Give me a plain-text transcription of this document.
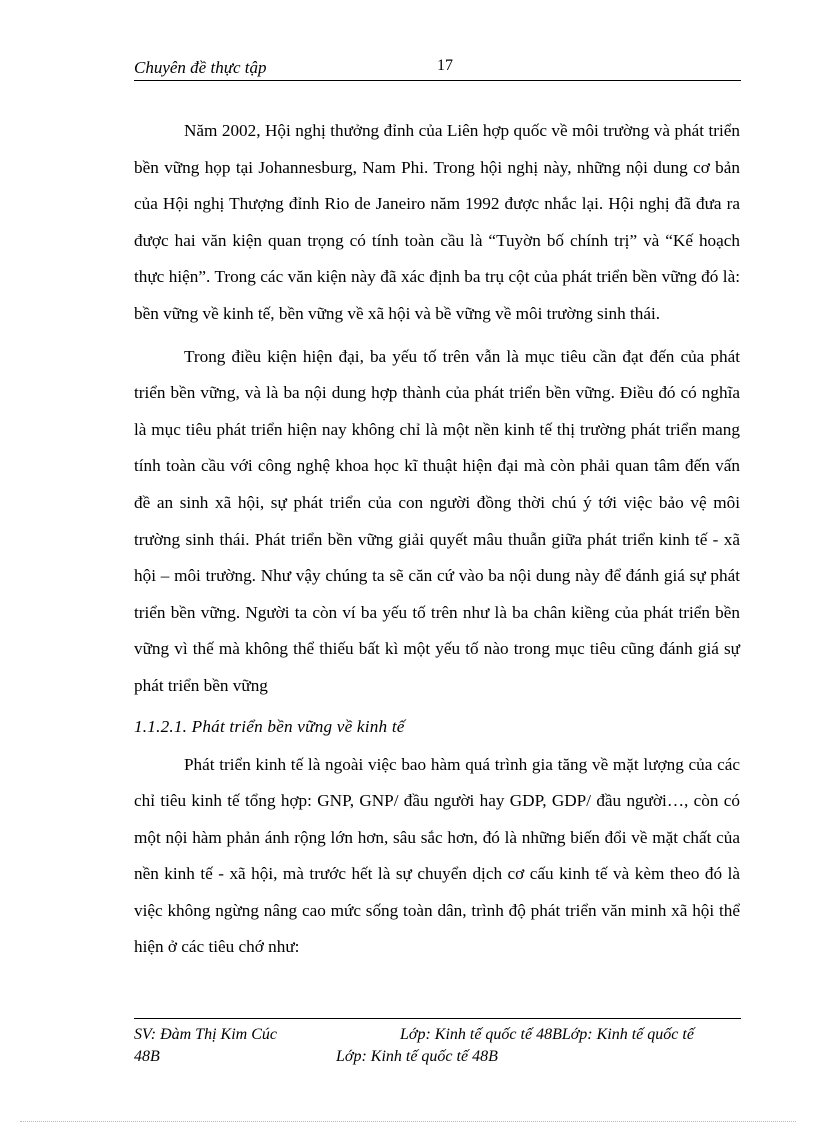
Chuyên đề thực tập	17

Năm 2002, Hội nghị thưởng đỉnh của Liên hợp quốc về môi trường và phát triển bền vững họp tại Johannesburg, Nam Phi. Trong hội nghị này, những nội dung cơ bản của Hội nghị Thượng đỉnh Rio de Janeiro năm 1992 được nhắc lại. Hội nghị đã đưa ra được hai văn kiện quan trọng có tính toàn cầu là “Tuyờn bố chính trị” và “Kế hoạch thực hiện”. Trong các văn kiện này đã xác định ba trụ cột của phát triển bền vững đó là: bền vững về kinh tế, bền vững về xã hội và bề vững về môi trường sinh thái.

Trong điều kiện hiện đại, ba yếu tố trên vẫn là mục tiêu cần đạt đến của phát triển bền vững, và là ba nội dung hợp thành của phát triển bền vững. Điều đó có nghĩa là mục tiêu phát triển hiện nay không chỉ là một nền kinh tế thị trường phát triển mang tính toàn cầu với công nghệ khoa học kĩ thuật hiện đại mà còn phải quan tâm đến vấn đề an sinh xã hội, sự phát triển của con người đồng thời chú ý tới việc bảo vệ môi trường sinh thái. Phát triển bền vững giải quyết mâu thuẫn giữa phát triển kinh tế - xã hội – môi trường. Như vậy chúng ta sẽ căn cứ vào ba nội dung này để đánh giá sự phát triển bền vững. Người ta còn ví ba yếu tố trên như là ba chân kiềng của phát triển bền vững vì thế mà không thể thiếu bất kì một yếu tố nào trong mục tiêu cũng đánh giá sự phát triển bền vững

1.1.2.1. Phát triển bền vững về kinh tế

Phát triển kinh tế là ngoài việc bao hàm quá trình gia tăng về mặt lượng của các chỉ tiêu kinh tế tổng hợp: GNP, GNP/ đầu người hay GDP, GDP/ đầu người…, còn có một nội hàm phản ánh rộng lớn hơn, sâu sắc hơn, đó là những biến đổi về mặt chất của nền kinh tế - xã hội, mà trước hết là sự chuyển dịch cơ cấu kinh tế và kèm theo đó là việc không ngừng nâng cao mức sống toàn dân, trình độ phát triển văn minh xã hội thể hiện ở các tiêu chớ như:

SV: Đàm Thị Kim Cúc	Lớp: Kinh tế quốc tế 48BLớp: Kinh tế quốc tế
48B	Lớp: Kinh tế quốc tế 48B
